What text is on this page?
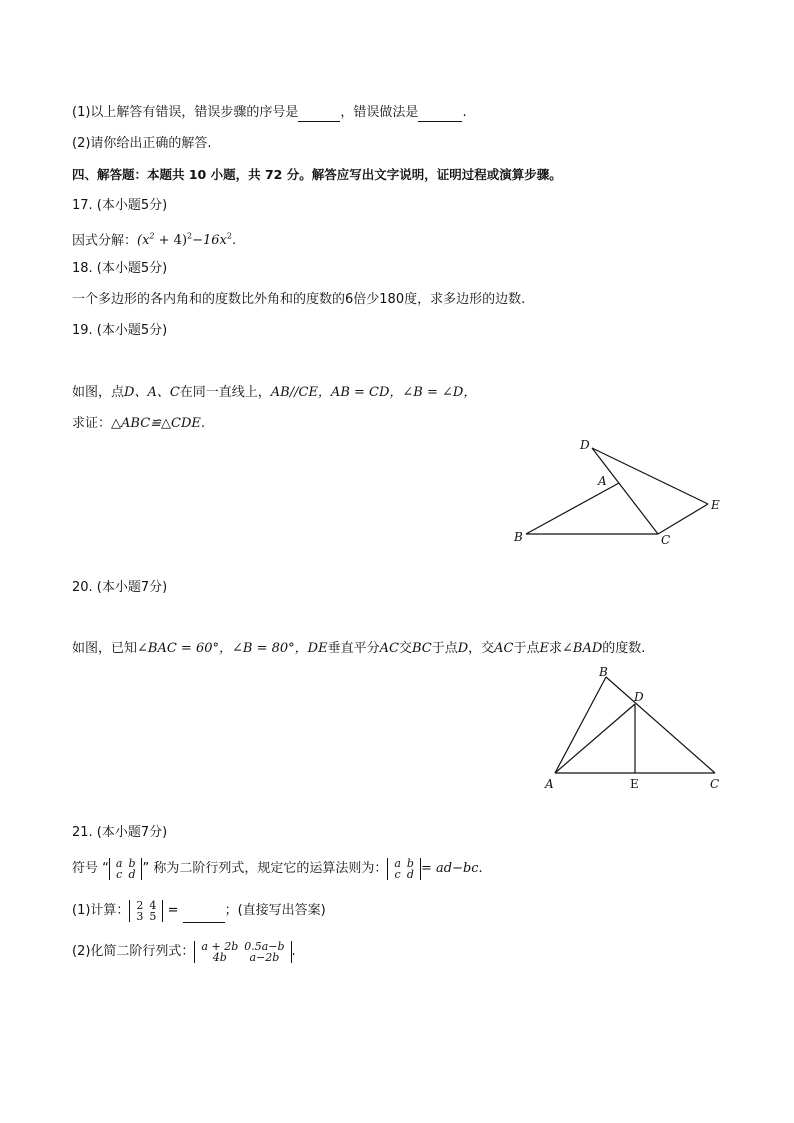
(1)以上解答有错误，错误步骤的序号是	，错误做法是	.
(2)请你给出正确的解答.
四、解答题：本题共 10 小题，共 72 分。解答应写出文字说明，证明过程或演算步骤。
17. (本小题5分)
因式分解：$(x^2 + 4)^2-16x^2$.
18. (本小题5分)
一个多边形的各内角和的度数比外角和的度数的6倍少180度，求多边形的边数.
19. (本小题5分)
如图，点D、A、C在同一直线上，AB//CE，AB = CD，∠B = ∠D，
求证：△ABC≌△CDE.
D
A
E
B	C
20. (本小题7分)
如图，已知∠BAC = 60°，∠B = 80°，DE垂直平分AC交BC于点D，交AC于点E求∠BAD的度数.
B
D
A	E	C
21. (本小题7分)
符号 “ a	b
c	d ” 称为二阶行列式，规定它的运算法则为： a	b
c	d = ad−bc.
(1)计算： 2	4
3	5 =	；(直接写出答案)
(2)化简二阶行列式： a + 2b	0.5a−b
4b	a−2b .
